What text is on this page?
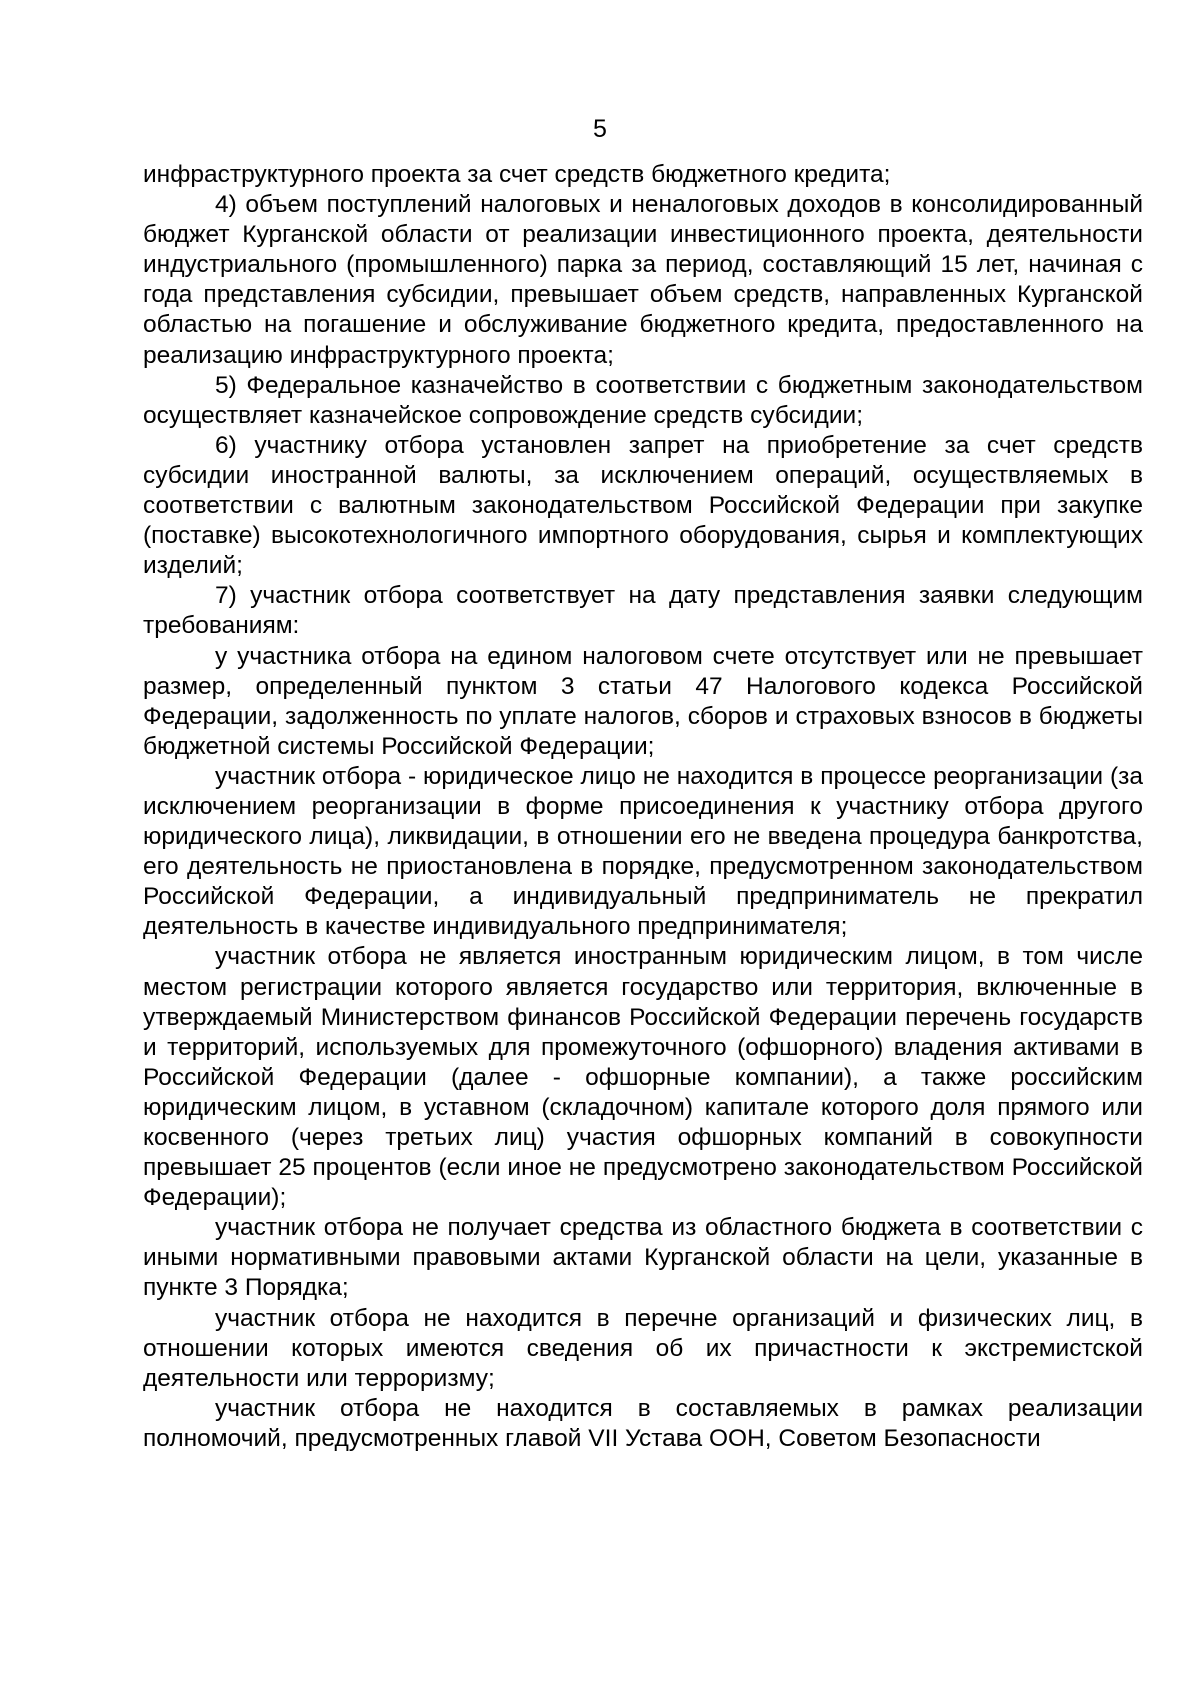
5

инфраструктурного проекта за счет средств бюджетного кредита;

4) объем поступлений налоговых и неналоговых доходов в консолидированный бюджет Курганской области от реализации инвестиционного проекта, деятельности индустриального (промышленного) парка за период, составляющий 15 лет, начиная с года представления субсидии, превышает объем средств, направленных Курганской областью на погашение и обслуживание бюджетного кредита, предоставленного на реализацию инфраструктурного проекта;

5) Федеральное казначейство в соответствии с бюджетным законодательством осуществляет казначейское сопровождение средств субсидии;

6) участнику отбора установлен запрет на приобретение за счет средств субсидии иностранной валюты, за исключением операций, осуществляемых в соответствии с валютным законодательством Российской Федерации при закупке (поставке) высокотехнологичного импортного оборудования, сырья и комплектующих изделий;

7) участник отбора соответствует на дату представления заявки следующим требованиям:

у участника отбора на едином налоговом счете отсутствует или не превышает размер, определенный пунктом 3 статьи 47 Налогового кодекса Российской Федерации, задолженность по уплате налогов, сборов и страховых взносов в бюджеты бюджетной системы Российской Федерации;

участник отбора - юридическое лицо не находится в процессе реорганизации (за исключением реорганизации в форме присоединения к участнику отбора другого юридического лица), ликвидации, в отношении его не введена процедура банкротства, его деятельность не приостановлена в порядке, предусмотренном законодательством Российской Федерации, а индивидуальный предприниматель не прекратил деятельность в качестве индивидуального предпринимателя;

участник отбора не является иностранным юридическим лицом, в том числе местом регистрации которого является государство или территория, включенные в утверждаемый Министерством финансов Российской Федерации перечень государств и территорий, используемых для промежуточного (офшорного) владения активами в Российской Федерации (далее - офшорные компании), а также российским юридическим лицом, в уставном (складочном) капитале которого доля прямого или косвенного (через третьих лиц) участия офшорных компаний в совокупности превышает 25 процентов (если иное не предусмотрено законодательством Российской Федерации);

участник отбора не получает средства из областного бюджета в соответствии с иными нормативными правовыми актами Курганской области на цели, указанные в пункте 3 Порядка;

участник отбора не находится в перечне организаций и физических лиц, в отношении которых имеются сведения об их причастности к экстремистской деятельности или терроризму;

участник отбора не находится в составляемых в рамках реализации полномочий, предусмотренных главой VII Устава ООН, Советом Безопасности
